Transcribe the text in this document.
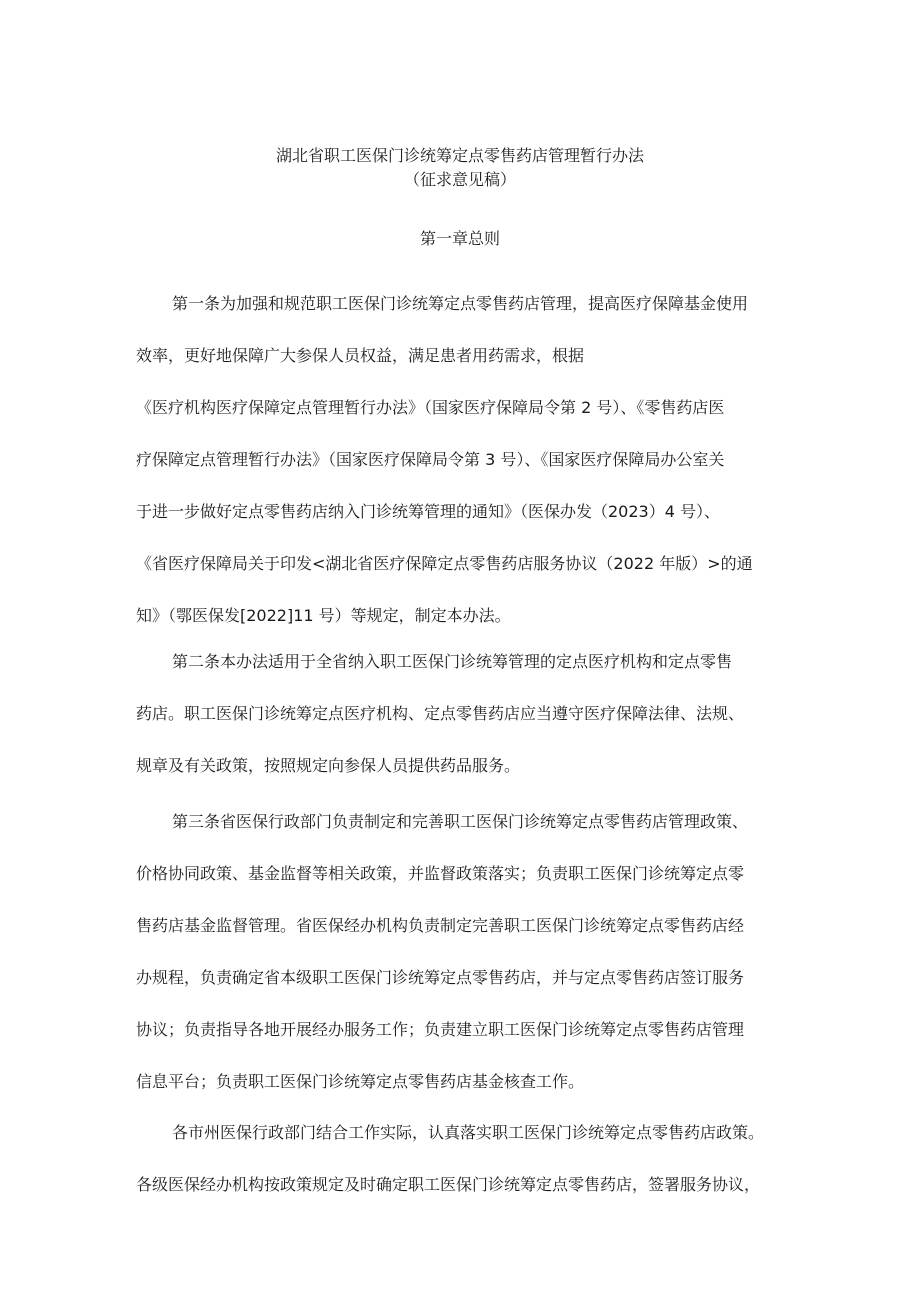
湖北省职工医保门诊统筹定点零售药店管理暂行办法
（征求意见稿）
第一章总则
第一条为加强和规范职工医保门诊统筹定点零售药店管理，提高医疗保障基金使用
效率，更好地保障广大参保人员权益，满足患者用药需求，根据
《医疗机构医疗保障定点管理暂行办法》（国家医疗保障局令第 2 号）、《零售药店医
疗保障定点管理暂行办法》（国家医疗保障局令第 3 号）、《国家医疗保障局办公室关
于进一步做好定点零售药店纳入门诊统筹管理的通知》（医保办发（2023）4 号）、
《省医疗保障局关于印发<湖北省医疗保障定点零售药店服务协议（2022 年版）>的通
知》（鄂医保发[2022]11 号）等规定，制定本办法。
第二条本办法适用于全省纳入职工医保门诊统筹管理的定点医疗机构和定点零售
药店。职工医保门诊统筹定点医疗机构、定点零售药店应当遵守医疗保障法律、法规、
规章及有关政策，按照规定向参保人员提供药品服务。
第三条省医保行政部门负责制定和完善职工医保门诊统筹定点零售药店管理政策、
价格协同政策、基金监督等相关政策，并监督政策落实；负责职工医保门诊统筹定点零
售药店基金监督管理。省医保经办机构负责制定完善职工医保门诊统筹定点零售药店经
办规程，负责确定省本级职工医保门诊统筹定点零售药店，并与定点零售药店签订服务
协议；负责指导各地开展经办服务工作；负责建立职工医保门诊统筹定点零售药店管理
信息平台；负责职工医保门诊统筹定点零售药店基金核查工作。
各市州医保行政部门结合工作实际，认真落实职工医保门诊统筹定点零售药店政策。
各级医保经办机构按政策规定及时确定职工医保门诊统筹定点零售药店，签署服务协议，
